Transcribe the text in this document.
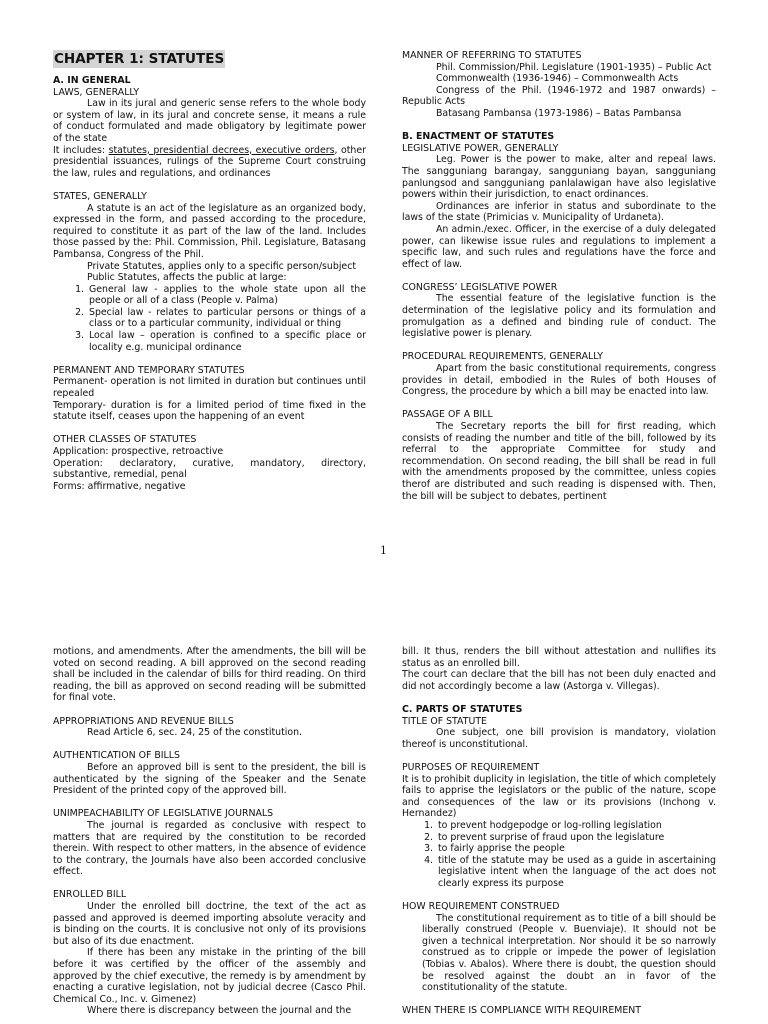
CHAPTER 1: STATUTES

A. IN GENERAL

LAWS, GENERALLY

Law in its jural and generic sense refers to the whole body or system of law, in its jural and concrete sense, it means a rule of conduct formulated and made obligatory by legitimate power of the state

It includes: statutes, presidential decrees, executive orders, other presidential issuances, rulings of the Supreme Court construing the law, rules and regulations, and ordinances

STATES, GENERALLY

A statute is an act of the legislature as an organized body, expressed in the form, and passed according to the procedure, required to constitute it as part of the law of the land. Includes those passed by the: Phil. Commission, Phil. Legislature, Batasang Pambansa, Congress of the Phil.

Private Statutes, applies only to a specific person/subject

Public Statutes, affects the public at large:

1. General law - applies to the whole state upon all the people or all of a class (People v. Palma)
2. Special law - relates to particular persons or things of a class or to a particular community, individual or thing
3. Local law – operation is confined to a specific place or locality e.g. municipal ordinance

PERMANENT AND TEMPORARY STATUTES

Permanent- operation is not limited in duration but continues until repealed

Temporary- duration is for a limited period of time fixed in the statute itself, ceases upon the happening of an event

OTHER CLASSES OF STATUTES

Application: prospective, retroactive

Operation: declaratory, curative, mandatory, directory, substantive, remedial, penal

Forms: affirmative, negative

MANNER OF REFERRING TO STATUTES

Phil. Commission/Phil. Legislature (1901-1935) – Public Act

Commonwealth (1936-1946) – Commonwealth Acts

Congress of the Phil. (1946-1972 and 1987 onwards) – Republic Acts

Batasang Pambansa (1973-1986) – Batas Pambansa

B. ENACTMENT OF STATUTES

LEGISLATIVE POWER, GENERALLY

Leg. Power is the power to make, alter and repeal laws. The sangguniang barangay, sangguniang bayan, sangguniang panlungsod and sangguniang panlalawigan have also legislative powers within their jurisdiction, to enact ordinances.

Ordinances are inferior in status and subordinate to the laws of the state (Primicias v. Municipality of Urdaneta).

An admin./exec. Officer, in the exercise of a duly delegated power, can likewise issue rules and regulations to implement a specific law, and such rules and regulations have the force and effect of law.

CONGRESS’ LEGISLATIVE POWER

The essential feature of the legislative function is the determination of the legislative policy and its formulation and promulgation as a defined and binding rule of conduct. The legislative power is plenary.

PROCEDURAL REQUIREMENTS, GENERALLY

Apart from the basic constitutional requirements, congress provides in detail, embodied in the Rules of both Houses of Congress, the procedure by which a bill may be enacted into law.

PASSAGE OF A BILL

The Secretary reports the bill for first reading, which consists of reading the number and title of the bill, followed by its referral to the appropriate Committee for study and recommendation. On second reading, the bill shall be read in full with the amendments proposed by the committee, unless copies therof are distributed and such reading is dispensed with. Then, the bill will be subject to debates, pertinent

1

motions, and amendments. After the amendments, the bill will be voted on second reading. A bill approved on the second reading shall be included in the calendar of bills for third reading. On third reading, the bill as approved on second reading will be submitted for final vote.

APPROPRIATIONS AND REVENUE BILLS

Read Article 6, sec. 24, 25 of the constitution.

AUTHENTICATION OF BILLS

Before an approved bill is sent to the president, the bill is authenticated by the signing of the Speaker and the Senate President of the printed copy of the approved bill.

UNIMPEACHABILITY OF LEGISLATIVE JOURNALS

The journal is regarded as conclusive with respect to matters that are required by the constitution to be recorded therein. With respect to other matters, in the absence of evidence to the contrary, the Journals have also been accorded conclusive effect.

ENROLLED BILL

Under the enrolled bill doctrine, the text of the act as passed and approved is deemed importing absolute veracity and is binding on the courts. It is conclusive not only of its provisions but also of its due enactment.

If there has been any mistake in the printing of the bill before it was certified by the officer of the assembly and approved by the chief executive, the remedy is by amendment by enacting a curative legislation, not by judicial decree (Casco Phil. Chemical Co., Inc. v. Gimenez)

Where there is discrepancy between the journal and the

bill. It thus, renders the bill without attestation and nullifies its status as an enrolled bill.

The court can declare that the bill has not been duly enacted and did not accordingly become a law (Astorga v. Villegas).

C. PARTS OF STATUTES

TITLE OF STATUTE

One subject, one bill provision is mandatory, violation thereof is unconstitutional.

PURPOSES OF REQUIREMENT

It is to prohibit duplicity in legislation, the title of which completely fails to apprise the legislators or the public of the nature, scope and consequences of the law or its provisions (Inchong v. Hernandez)

1. to prevent hodgepodge or log-rolling legislation
2. to prevent surprise of fraud upon the legislature
3. to fairly apprise the people
4. title of the statute may be used as a guide in ascertaining legislative intent when the language of the act does not clearly express its purpose

HOW REQUIREMENT CONSTRUED

The constitutional requirement as to title of a bill should be liberally construed (People v. Buenviaje). It should not be given a technical interpretation. Nor should it be so narrowly construed as to cripple or impede the power of legislation (Tobias v. Abalos). Where there is doubt, the question should be resolved against the doubt an in favor of the constitutionality of the statute.

WHEN THERE IS COMPLIANCE WITH REQUIREMENT
